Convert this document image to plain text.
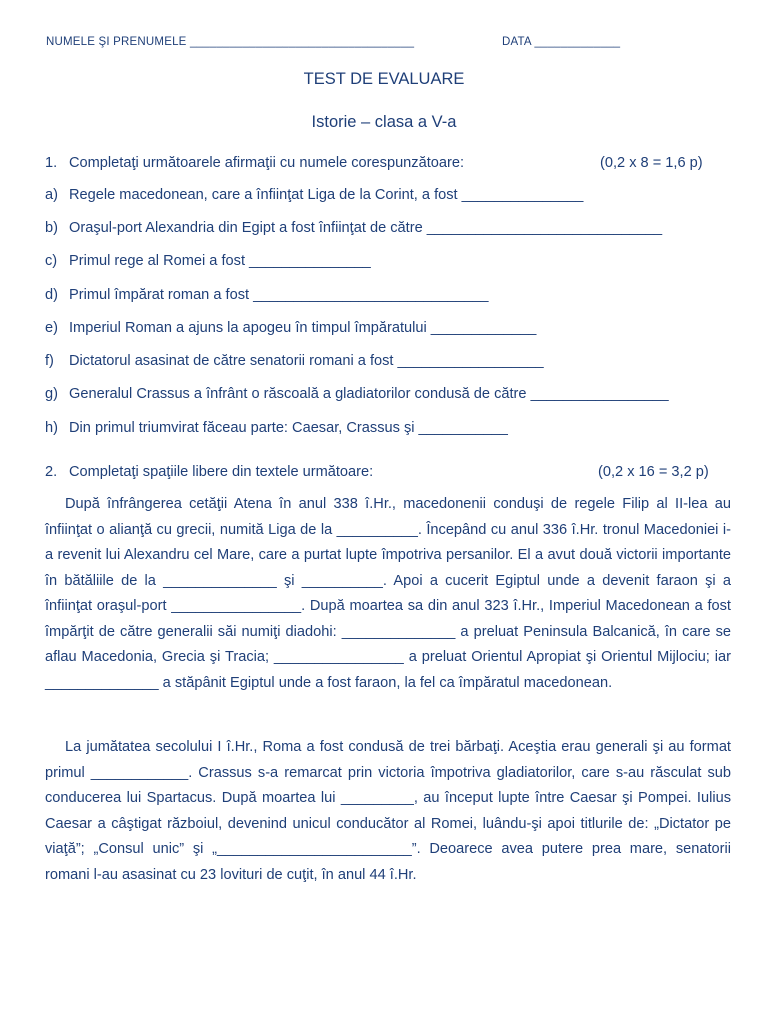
NUMELE ŞI PRENUMELE __________________________________	DATA _____________
TEST DE EVALUARE
Istorie – clasa a V-a
1. Completaţi următoarele afirmaţii cu numele corespunzătoare:	(0,2 x 8 = 1,6 p)
a) Regele macedonean, care a înfiinţat Liga de la Corint, a fost _______________
b) Oraşul-port Alexandria din Egipt a fost înfiinţat de către _____________________________
c) Primul rege al Romei a fost _______________
d) Primul împărat roman a fost _____________________________
e) Imperiul Roman a ajuns la apogeu în timpul împăratului _____________
f) Dictatorul asasinat de către senatorii romani a fost __________________
g) Generalul Crassus a înfrânt o răscoală a gladiatorilor condusă de către _________________
h) Din primul triumvirat făceau parte: Caesar, Crassus şi ___________
2. Completaţi spaţiile libere din textele următoare:	(0,2 x 16 = 3,2 p)
După înfrângerea cetăţii Atena în anul 338 î.Hr., macedonenii conduşi de regele Filip al II-lea au înfiinţat o alianţă cu grecii, numită Liga de la __________. Începând cu anul 336 î.Hr. tronul Macedoniei i-a revenit lui Alexandru cel Mare, care a purtat lupte împotriva persanilor. El a avut două victorii importante în bătăliile de la ______________ şi __________. Apoi a cucerit Egiptul unde a devenit faraon şi a înfiinţat oraşul-port ________________. După moartea sa din anul 323 î.Hr., Imperiul Macedonean a fost împărţit de către generalii săi numiţi diadohi: ______________ a preluat Peninsula Balcanică, în care se aflau Macedonia, Grecia şi Tracia; ________________ a preluat Orientul Apropiat şi Orientul Mijlociu; iar ______________ a stăpânit Egiptul unde a fost faraon, la fel ca împăratul macedonean.
La jumătatea secolului I î.Hr., Roma a fost condusă de trei bărbaţi. Aceştia erau generali şi au format primul ____________. Crassus s-a remarcat prin victoria împotriva gladiatorilor, care s-au răsculat sub conducerea lui Spartacus. După moartea lui _________, au început lupte între Caesar şi Pompei. Iulius Caesar a câştigat războiul, devenind unicul conducător al Romei, luându-şi apoi titlurile de: „Dictator pe viaţă”; „Consul unic” şi „________________________”. Deoarece avea putere prea mare, senatorii romani l-au asasinat cu 23 lovituri de cuţit, în anul 44 î.Hr.
